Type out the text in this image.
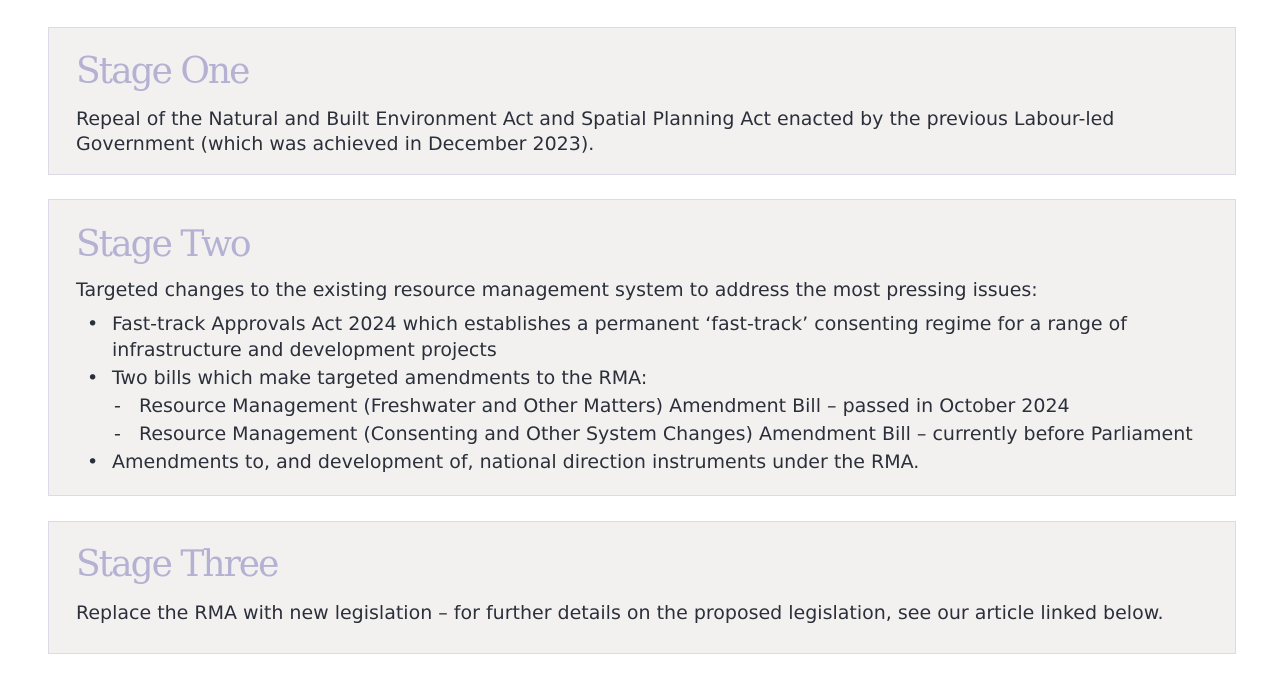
Stage One

Repeal of the Natural and Built Environment Act and Spatial Planning Act enacted by the previous Labour-led Government (which was achieved in December 2023).

Stage Two

Targeted changes to the existing resource management system to address the most pressing issues:

• Fast-track Approvals Act 2024 which establishes a permanent ‘fast-track’ consenting regime for a range of infrastructure and development projects
• Two bills which make targeted amendments to the RMA:
- Resource Management (Freshwater and Other Matters) Amendment Bill – passed in October 2024
- Resource Management (Consenting and Other System Changes) Amendment Bill – currently before Parliament
• Amendments to, and development of, national direction instruments under the RMA.
Stage Three

Replace the RMA with new legislation – for further details on the proposed legislation, see our article linked below.
